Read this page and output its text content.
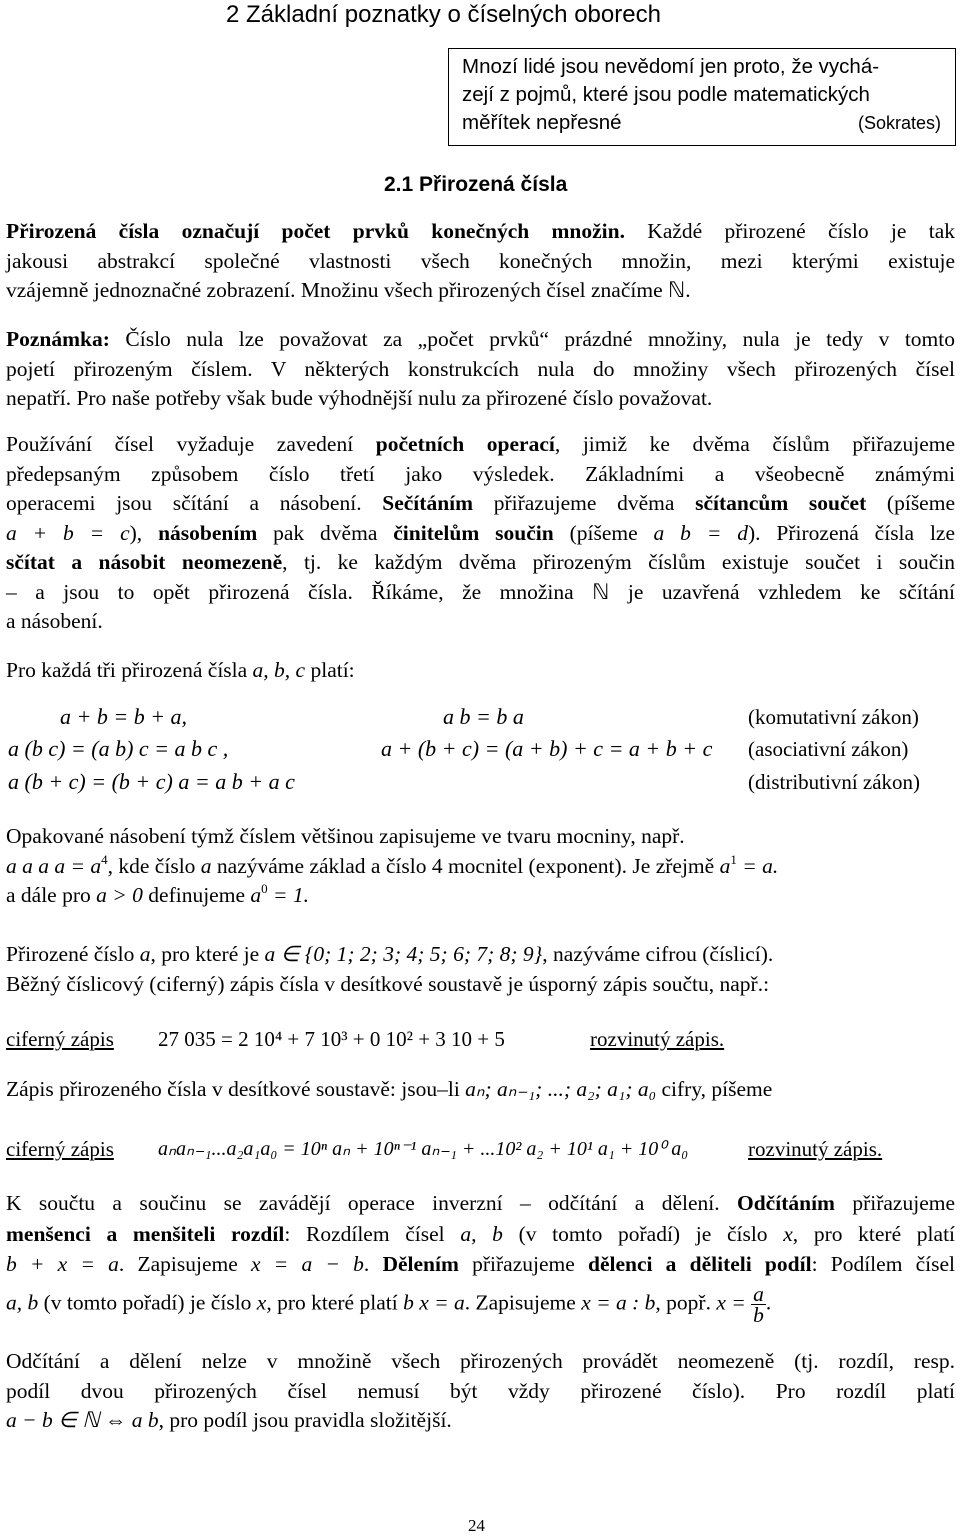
2 Základní poznatky o číselných oborech
Mnozí lidé jsou nevědomí jen proto, že vychá-
zejí z pojmů, které jsou podle matematických
měřítek nepřesné	(Sokrates)
2.1 Přirozená čísla
Přirozená čísla označují počet prvků konečných množin. Každé přirozené číslo je tak
jakousi abstrakcí společné vlastnosti všech konečných množin, mezi kterými existuje
vzájemně jednoznačné zobrazení. Množinu všech přirozených čísel značíme ℕ.
Poznámka: Číslo nula lze považovat za „počet prvků“ prázdné množiny, nula je tedy v tomto
pojetí přirozeným číslem. V některých konstrukcích nula do množiny všech přirozených čísel
nepatří. Pro naše potřeby však bude výhodnější nulu za přirozené číslo považovat.
Používání čísel vyžaduje zavedení početních operací, jimiž ke dvěma číslům přiřazujeme
předepsaným způsobem číslo třetí jako výsledek. Základními a všeobecně známými
operacemi jsou sčítání a násobení. Sečítáním přiřazujeme dvěma sčítancům součet (píšeme
a + b = c), násobením pak dvěma činitelům součin (píšeme a b = d). Přirozená čísla lze
sčítat a násobit neomezeně, tj. ke každým dvěma přirozeným číslům existuje součet i součin
– a jsou to opět přirozená čísla. Říkáme, že množina ℕ je uzavřená vzhledem ke sčítání
a násobení.
Pro každá tři přirozená čísla a, b, c platí:
a + b = b + a,	a b = b a	(komutativní zákon)
a (b c) = (a b) c = a b c ,	a + (b + c) = (a + b) + c = a + b + c (asociativní zákon)
a (b + c) = (b + c) a = a b + a c	(distributivní zákon)
Opakované násobení týmž číslem většinou zapisujeme ve tvaru mocniny, např.
a a a $a = a^4$, kde číslo a nazýváme základ a číslo 4 mocnitel (exponent). Je zřejmě $a^1 = a$.
a dále pro a > 0 definujeme $a^0 = 1$.
Přirozené číslo a, pro které je a ∈ {0; 1; 2; 3; 4; 5; 6; 7; 8; 9}, nazýváme cifrou (číslicí).
Běžný číslicový (ciferný) zápis čísla v desítkové soustavě je úsporný zápis součtu, např.:
ciferný zápis 27 035 = 2 10⁴ + 7 10³ + 0 10² + 3 10 + 5	rozvinutý zápis.
Zápis přirozeného čísla v desítkové soustavě: jsou–li aₙ; aₙ₋₁; ...; a₂; a₁; a₀ cifry, píšeme
ciferný zápis aₙaₙ₋₁...a₂a₁a₀ = 10ⁿ aₙ + 10ⁿ⁻¹ aₙ₋₁ + ...10² a₂ + 10¹ a₁ + 10⁰ a₀	rozvinutý zápis.
K součtu a součinu se zavádějí operace inverzní – odčítání a dělení. Odčítáním přiřazujeme
menšenci a menšiteli rozdíl: Rozdílem čísel a, b (v tomto pořadí) je číslo x, pro které platí
b + x = a. Zapisujeme x = a − b. Dělením přiřazujeme dělenci a děliteli podíl: Podílem čísel
a, b (v tomto pořadí) je číslo x, pro které platí b x = a. Zapisujeme x = a : b, popř. $x = \frac{a}{b}$ .
Odčítání a dělení nelze v množině všech přirozených provádět neomezeně (tj. rozdíl, resp.
podíl dvou přirozených čísel nemusí být vždy přirozené číslo). Pro rozdíl platí
a − b ∈ ℕ ⇔ a b, pro podíl jsou pravidla složitější.
24
